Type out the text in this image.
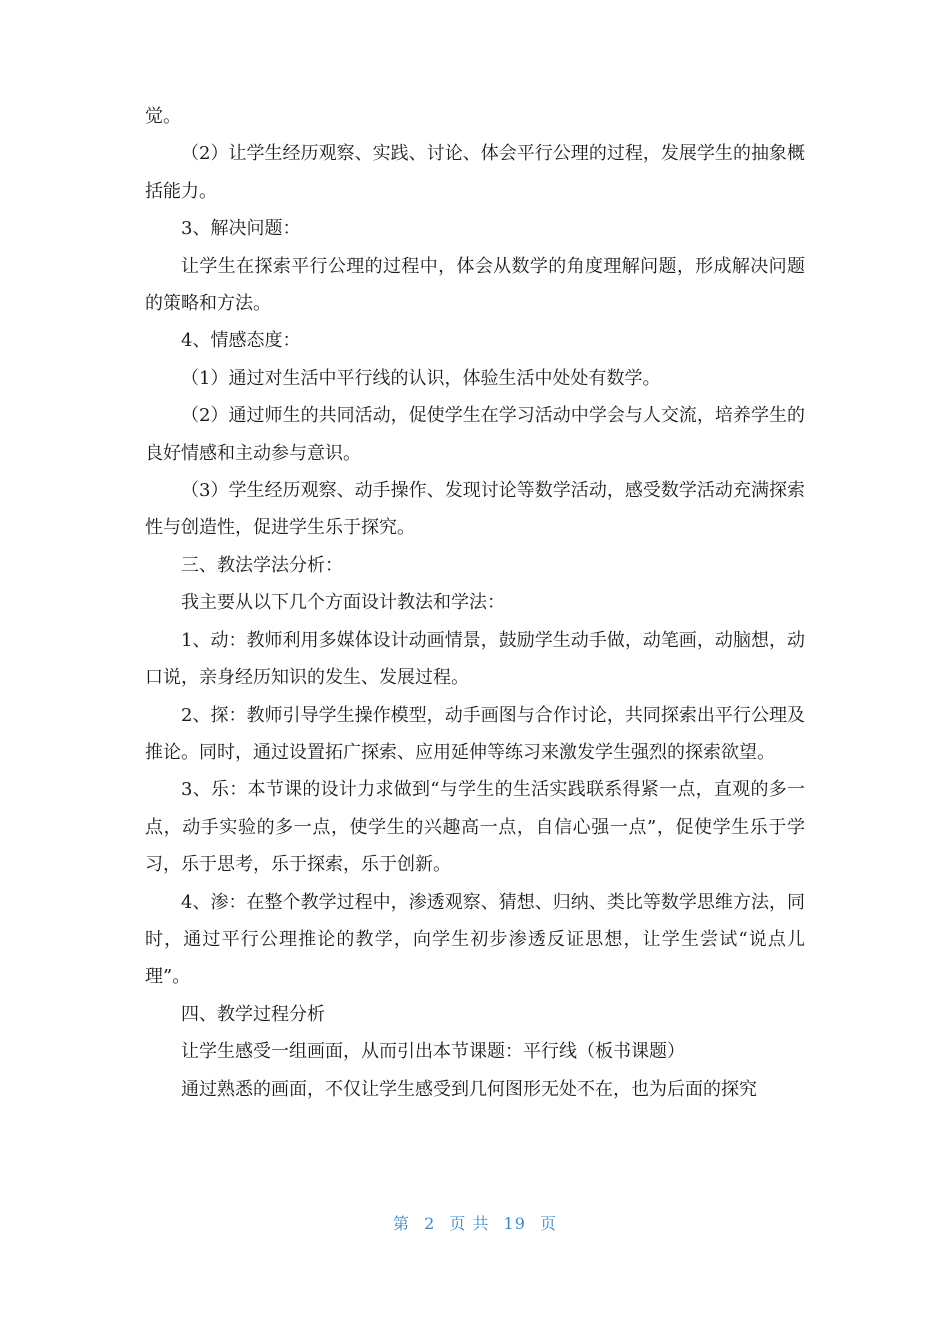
觉。

（2）让学生经历观察、实践、讨论、体会平行公理的过程，发展学生的抽象概括能力。

3、解决问题：

让学生在探索平行公理的过程中，体会从数学的角度理解问题，形成解决问题的策略和方法。

4、情感态度：

（1）通过对生活中平行线的认识，体验生活中处处有数学。

（2）通过师生的共同活动，促使学生在学习活动中学会与人交流，培养学生的良好情感和主动参与意识。

（3）学生经历观察、动手操作、发现讨论等数学活动，感受数学活动充满探索性与创造性，促进学生乐于探究。

三、教法学法分析：

我主要从以下几个方面设计教法和学法：

1、动：教师利用多媒体设计动画情景，鼓励学生动手做，动笔画，动脑想，动口说，亲身经历知识的发生、发展过程。

2、探：教师引导学生操作模型，动手画图与合作讨论，共同探索出平行公理及推论。同时，通过设置拓广探索、应用延伸等练习来激发学生强烈的探索欲望。

3、乐：本节课的设计力求做到“与学生的生活实践联系得紧一点，直观的多一点，动手实验的多一点，使学生的兴趣高一点，自信心强一点”，促使学生乐于学习，乐于思考，乐于探索，乐于创新。

4、渗：在整个教学过程中，渗透观察、猜想、归纳、类比等数学思维方法，同时，通过平行公理推论的教学，向学生初步渗透反证思想，让学生尝试“说点儿理”。

四、教学过程分析

让学生感受一组画面，从而引出本节课题：平行线（板书课题）

通过熟悉的画面，不仅让学生感受到几何图形无处不在，也为后面的探究

第 2 页 共 19 页
